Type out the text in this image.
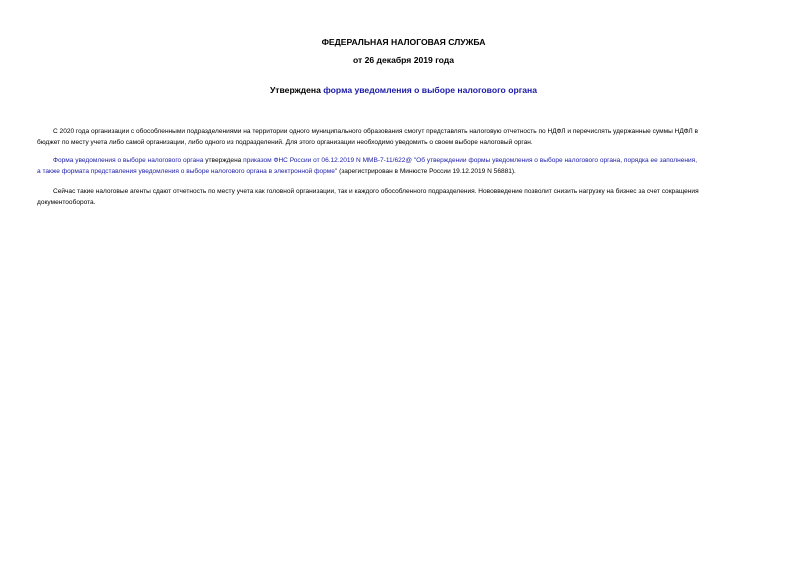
ФЕДЕРАЛЬНАЯ НАЛОГОВАЯ СЛУЖБА
от 26 декабря 2019 года
Утверждена форма уведомления о выборе налогового органа
С 2020 года организации с обособленными подразделениями на территории одного муниципального образования смогут представлять налоговую отчетность по НДФЛ и перечислять удержанные суммы НДФЛ в
бюджет по месту учета либо самой организации, либо одного из подразделений. Для этого организации необходимо уведомить о своем выборе налоговый орган.
Форма уведомления о выборе налогового органа утверждена приказом ФНС России от 06.12.2019 N ММВ-7-11/622@ "Об утверждении формы уведомления о выборе налогового органа, порядка ее заполнения,
а также формата представления уведомления о выборе налогового органа в электронной форме" (зарегистрирован в Минюсте России 19.12.2019 N 56881).
Сейчас такие налоговые агенты сдают отчетность по месту учета как головной организации, так и каждого обособленного подразделения. Нововведение позволит снизить нагрузку на бизнес за счет сокращения
документооборота.
